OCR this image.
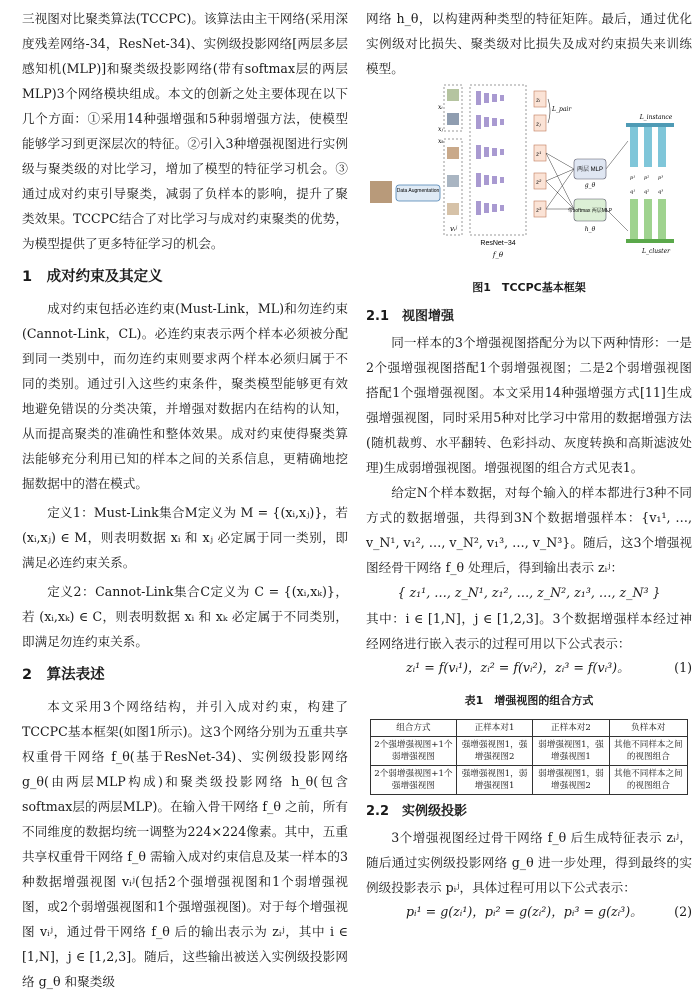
三视图对比聚类算法(TCCPC)。该算法由主干网络(采用深度残差网络-34，ResNet-34)、实例级投影网络[两层多层感知机(MLP)]和聚类级投影网络(带有softmax层的两层MLP)3个网络模块组成。本文的创新之处主要体现在以下几个方面：①采用14种强增强和5种弱增强方法，使模型能够学习到更深层次的特征。②引入3种增强视图进行实例级与聚类级的对比学习，增加了模型的特征学习机会。③通过成对约束引导聚类，减弱了负样本的影响，提升了聚类效果。TCCPC结合了对比学习与成对约束聚类的优势，为模型提供了更多特征学习的机会。

1　成对约束及其定义

成对约束包括必连约束(Must-Link，ML)和勿连约束(Cannot-Link，CL)。必连约束表示两个样本必须被分配到同一类别中，而勿连约束则要求两个样本必须归属于不同的类别。通过引入这些约束条件，聚类模型能够更有效地避免错误的分类决策，并增强对数据内在结构的认知，从而提高聚类的准确性和整体效果。成对约束使得聚类算法能够充分利用已知的样本之间的关系信息，更精确地挖掘数据中的潜在模式。

定义1：Must-Link集合M定义为 M = {(xᵢ,xⱼ)}，若 (xᵢ,xⱼ) ∈ M，则表明数据 xᵢ 和 xⱼ 必定属于同一类别，即满足必连约束关系。

定义2：Cannot-Link集合C定义为 C = {(xᵢ,xₖ)}，若 (xᵢ,xₖ) ∈ C，则表明数据 xᵢ 和 xₖ 必定属于不同类别，即满足勿连约束关系。

2　算法表述

本文采用3个网络结构，并引入成对约束，构建了TCCPC基本框架(如图1所示)。这3个网络分别为五重共享权重骨干网络 f_θ(基于ResNet-34)、实例级投影网络 g_θ(由两层MLP构成)和聚类级投影网络 h_θ(包含softmax层的两层MLP)。在输入骨干网络 f_θ 之前，所有不同维度的数据均统一调整为224×224像素。其中，五重共享权重骨干网络 f_θ 需输入成对约束信息及某一样本的3种数据增强视图 vᵢʲ(包括2个强增强视图和1个弱增强视图，或2个弱增强视图和1个强增强视图)。对于每个增强视图 vᵢʲ，通过骨干网络 f_θ 后的输出表示为 zᵢʲ，其中 i ∈ [1,N]，j ∈ [1,2,3]。随后，这些输出被送入实例级投影网络 g_θ 和聚类级

网络 h_θ，以构建两种类型的特征矩阵。最后，通过优化实例级对比损失、聚类级对比损失及成对约束损失来训练模型。

Data Augmentation
vᵢʲ
xᵢ
xⱼ
xₖ
ResNet−34
f_θ
zᵢ
zⱼ
z¹
z²
z³
L_pair
两层 MLP
g_θ
带softmax 两层MLP
h_θ
L_instance
L_cluster
p¹ p² p³
q¹ q² q³
图1　TCCPC基本框架
2.1　视图增强

同一样本的3个增强视图搭配分为以下两种情形：一是2个强增强视图搭配1个弱增强视图；二是2个弱增强视图搭配1个强增强视图。本文采用14种强增强方式[11]生成强增强视图，同时采用5种对比学习中常用的数据增强方法(随机裁剪、水平翻转、色彩抖动、灰度转换和高斯滤波处理)生成弱增强视图。增强视图的组合方式见表1。

给定N个样本数据，对每个输入的样本都进行3种不同方式的数据增强，共得到3N个数据增强样本：{v₁¹, …, v_N¹, v₁², …, v_N², v₁³, …, v_N³}。随后，这3个增强视图经骨干网络 f_θ 处理后，得到输出表示 zᵢʲ：

{ z₁¹, …, z_N¹, z₁², …, z_N², z₁³, …, z_N³ }

其中：i ∈ [1,N]，j ∈ [1,2,3]。3个数据增强样本经过神经网络进行嵌入表示的过程可用以下公式表示：

zᵢ¹ = f(vᵢ¹)，zᵢ² = f(vᵢ²)，zᵢ³ = f(vᵢ³)。	(1)
表1　增强视图的组合方式
组合方式	正样本对1	正样本对2	负样本对
2个强增强视图+1个弱增强视图	强增强视图1，强增强视图2	弱增强视图1，强增强视图1	其他不同样本之间的视图组合
2个弱增强视图+1个强增强视图	强增强视图1，弱增强视图1	弱增强视图1，弱增强视图2	其他不同样本之间的视图组合
2.2　实例级投影

3个增强视图经过骨干网络 f_θ 后生成特征表示 zᵢʲ，随后通过实例级投影网络 g_θ 进一步处理，得到最终的实例级投影表示 pᵢʲ，具体过程可用以下公式表示：

pᵢ¹ = g(zᵢ¹)，pᵢ² = g(zᵢ²)，pᵢ³ = g(zᵢ³)。 (2)
